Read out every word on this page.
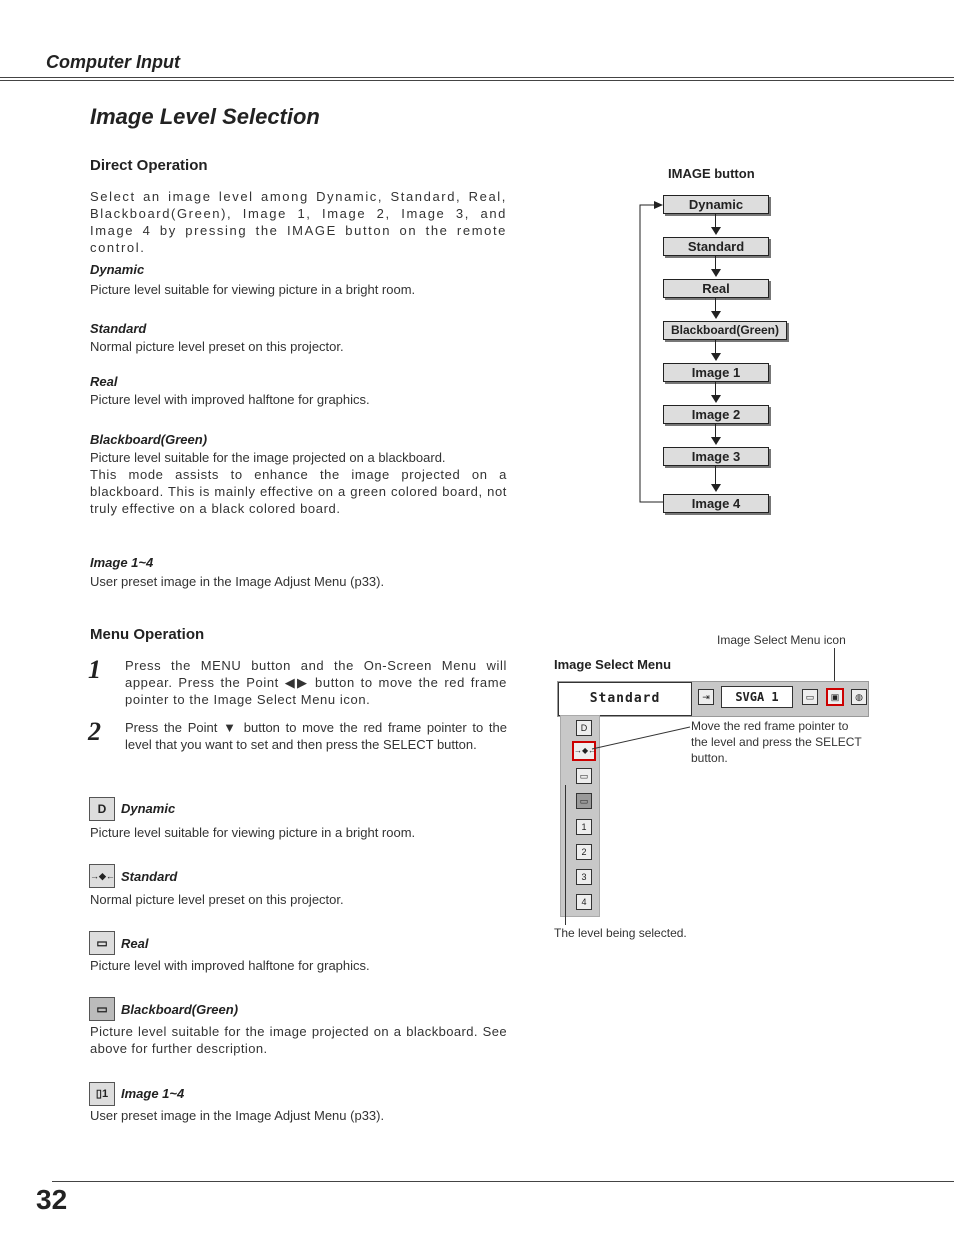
Computer Input
Image Level Selection
Direct Operation
Select an image level among Dynamic, Standard, Real, Blackboard(Green), Image 1, Image 2, Image 3, and Image 4 by pressing the IMAGE button on the remote control.
Dynamic
Picture level suitable for viewing picture in a bright room.
Standard
Normal picture level preset on this projector.
Real
Picture level with improved halftone for graphics.
Blackboard(Green)
Picture level suitable for the image projected on a blackboard.
This mode assists to enhance the image projected on a blackboard. This is mainly effective on a green colored board, not truly effective on a black colored board.
Image 1~4
User preset image in the Image Adjust Menu (p33).
IMAGE button
Dynamic
Standard
Real
Blackboard(Green)
Image 1
Image 2
Image 3
Image 4
Menu Operation
1 Press the MENU button and the On-Screen Menu will appear. Press the Point ◀▶ button to move the red frame pointer to the Image Select Menu icon.
2 Press the Point ▼ button to move the red frame pointer to the level that you want to set and then press the SELECT button.
D	Dynamic
Picture level suitable for viewing picture in a bright room.
→◆← Standard
Normal picture level preset on this projector.
▭	Real
Picture level with improved halftone for graphics.
▭	Blackboard(Green)
Picture level suitable for the image projected on a blackboard. See above for further description.
▯1 Image 1~4
User preset image in the Image Adjust Menu (p33).
Image Select Menu icon
Image Select Menu
Standard	⇥	SVGA 1	▭	▣	◍
D
→◆←
▭
▭
1
2
3
4
Move the red frame pointer to the level and press the SELECT button.
The level being selected.
32
